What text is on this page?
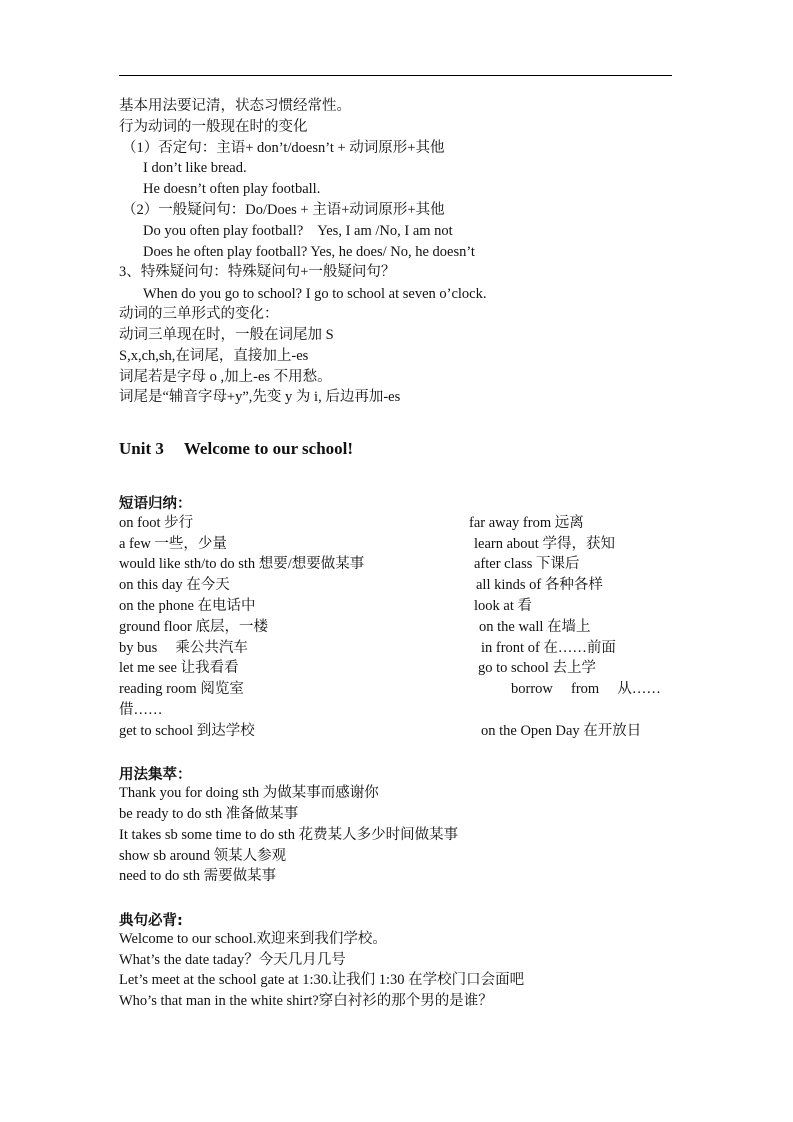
基本用法要记清，状态习惯经常性。
行为动词的一般现在时的变化
（1）否定句：主语+ don’t/doesn’t + 动词原形+其他
I don’t like bread.
He doesn’t often play football.
（2）一般疑问句：Do/Does + 主语+动词原形+其他
Do you often play football?    Yes, I am /No, I am not
Does he often play football? Yes, he does/ No, he doesn’t
3、特殊疑问句：特殊疑问句+一般疑问句？
When do you go to school? I go to school at seven o’clock.
动词的三单形式的变化：
动词三单现在时，一般在词尾加 S
S,x,ch,sh,在词尾，直接加上-es
词尾若是字母 o ,加上-es 不用愁。
词尾是“辅音字母+y”,先变 y 为 i, 后边再加-es
Unit 3 Welcome to our school!
短语归纳：
on foot 步行
a few 一些，少量
would like sth/to do sth 想要/想要做某事
on this day 在今天
on the phone 在电话中
ground floor 底层，一楼
by bus     乘公共汽车
let me see 让我看看
reading room 阅览室
借……
get to school 到达学校
far away from 远离
learn about 学得，获知
after class 下课后
all kinds of 各种各样
look at 看
on the wall 在墙上
in front of 在……前面
go to school 去上学
borrow     from     从……
on the Open Day 在开放日
用法集萃：
Thank you for doing sth 为做某事而感谢你
be ready to do sth 准备做某事
It takes sb some time to do sth 花费某人多少时间做某事
show sb around 领某人参观
need to do sth 需要做某事
典句必背:
Welcome to our school.欢迎来到我们学校。
What’s the date taday？今天几月几号
Let’s meet at the school gate at 1:30.让我们 1:30 在学校门口会面吧
Who’s that man in the white shirt?穿白衬衫的那个男的是谁？
